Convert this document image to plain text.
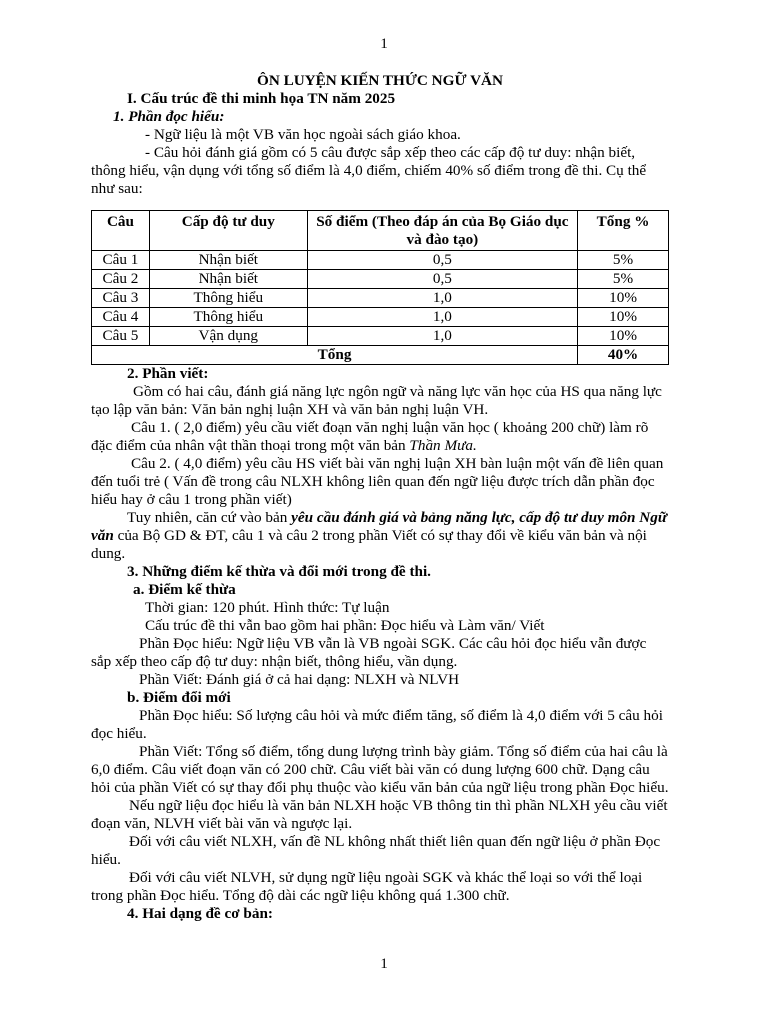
1

ÔN LUYỆN KIẾN THỨC NGỮ VĂN

I. Cấu trúc đề thi minh họa TN năm 2025

1. Phần đọc hiểu:

- Ngữ liệu là một VB văn học ngoài sách giáo khoa.

- Câu hỏi đánh giá gồm có 5 câu được sắp xếp theo các cấp độ tư duy: nhận biết, thông hiểu, vận dụng với tổng số điểm là 4,0 điểm, chiếm 40% số điểm trong đề thi. Cụ thể như sau:

Câu	Cấp độ tư duy	Số điểm (Theo đáp án của Bọ Giáo dục và đào tạo)	Tổng %
Câu 1	Nhận biết	0,5	5%
Câu 2	Nhận biết	0,5	5%
Câu 3	Thông hiểu	1,0	10%
Câu 4	Thông hiểu	1,0	10%
Câu 5	Vận dụng	1,0	10%
Tổng			40%

2. Phần viết:

Gồm có hai câu, đánh giá năng lực ngôn ngữ và năng lực văn học của HS qua năng lực tạo lập văn bản: Văn bản nghị luận XH và văn bản nghị luận VH.

Câu 1. ( 2,0 điểm) yêu cầu viết đoạn văn nghị luận văn học ( khoảng 200 chữ) làm rõ đặc điểm của nhân vật thần thoại trong một văn bản Thần Mưa.

Câu 2. ( 4,0 điểm) yêu cầu HS viết bài văn nghị luận XH bàn luận một vấn đề liên quan đến tuổi trẻ ( Vấn đề trong câu NLXH không liên quan đến ngữ liệu được trích dẫn phần đọc hiểu hay ở câu 1 trong phần viết)

Tuy nhiên, căn cứ vào bản yêu cầu đánh giá và bảng năng lực, cấp độ tư duy môn Ngữ văn của Bộ GD & ĐT, câu 1 và câu 2 trong phần Viết có sự thay đổi về kiểu văn bản và nội dung.

3. Những điểm kế thừa và đổi mới trong đề thi.

a. Điểm kế thừa

Thời gian: 120 phút. Hình thức: Tự luận

Cấu trúc đề thi vẫn bao gồm hai phần: Đọc hiểu và Làm văn/ Viết

Phần Đọc hiểu: Ngữ liệu VB vẫn là VB ngoài SGK. Các câu hỏi đọc hiểu vẫn được sắp xếp theo cấp độ tư duy: nhận biết, thông hiểu, vần dụng.

Phần Viết: Đánh giá ở cả hai dạng: NLXH và NLVH

b. Điểm đổi mới

Phần Đọc hiểu: Số lượng câu hỏi và mức điểm tăng, số điểm là 4,0 điểm với 5 câu hỏi đọc hiểu.

Phần Viết: Tổng số điểm, tổng dung lượng trình bày giảm. Tổng số điểm của hai câu là 6,0 điểm. Câu viết đoạn văn có 200 chữ. Câu viết bài văn có dung lượng 600 chữ. Dạng câu hỏi của phần Viết có sự thay đổi phụ thuộc vào kiểu văn bản của ngữ liệu trong phần Đọc hiểu.

Nếu ngữ liệu đọc hiểu là văn bản NLXH hoặc VB thông tin thì phần NLXH yêu cầu viết đoạn văn, NLVH viết bài văn và ngược lại.

Đối với câu viết NLXH, vấn đề NL không nhất thiết liên quan đến ngữ liệu ở phần Đọc hiểu.

Đối với câu viết NLVH, sử dụng ngữ liệu ngoài SGK và khác thể loại so với thể loại trong phần Đọc hiểu. Tổng độ dài các ngữ liệu không quá 1.300 chữ.

4. Hai dạng đề cơ bản:

1
